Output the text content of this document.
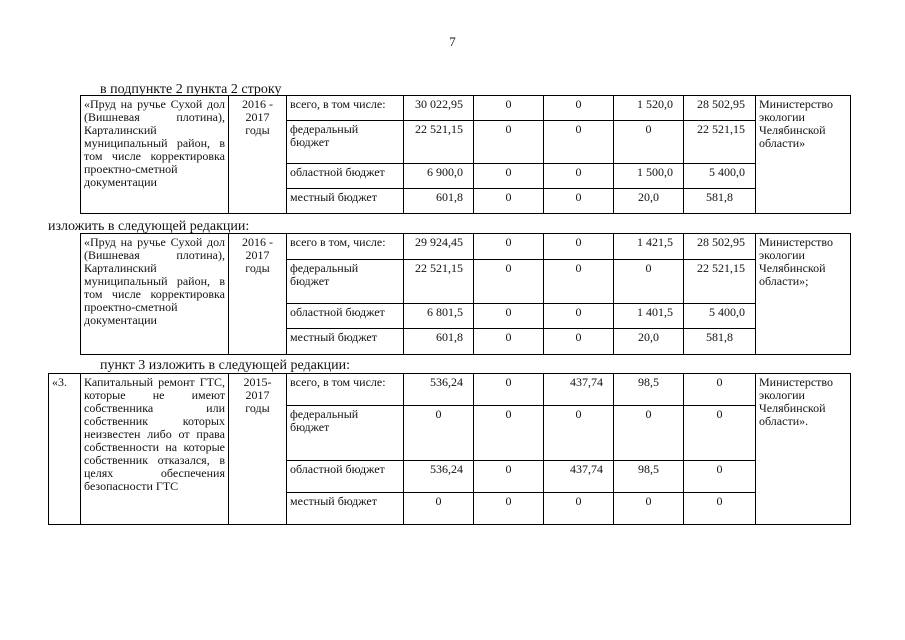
7
в подпункте 2 пункта 2 строку
«Пруд на ручье Сухой дол (Вишневая плотина), Карталинский муниципальный район, в том числе корректировка проектно-сметной документации	2016 - 2017 годы	всего, в том числе:	30 022,95	0	0	1 520,0	28 502,95	Министерство экологии Челябинской области»
		федеральный бюджет	22 521,15	0	0	0	22 521,15	
		областной бюджет	6 900,0	0	0	1 500,0	5 400,0	
		местный бюджет	601,8	0	0	20,0	581,8	
изложить в следующей редакции:
«Пруд на ручье Сухой дол (Вишневая плотина), Карталинский муниципальный район, в том числе корректировка проектно-сметной документации	2016 - 2017 годы	всего в том, числе:	29 924,45	0	0	1 421,5	28 502,95	Министерство экологии Челябинской области»;
		федеральный бюджет	22 521,15	0	0	0	22 521,15	
		областной бюджет	6 801,5	0	0	1 401,5	5 400,0	
		местный бюджет	601,8	0	0	20,0	581,8	
пункт 3 изложить в следующей редакции:
«3.	Капитальный ремонт ГТС, которые не имеют собственника или собственник которых неизвестен либо от права собственности на которые собственник отказался, в целях обеспечения безопасности ГТС	2015-2017 годы	всего, в том числе:	536,24	0	437,74	98,5	0	Министерство экологии Челябинской области».
			федеральный бюджет	0	0	0	0	0	
			областной бюджет	536,24	0	437,74	98,5	0	
			местный бюджет	0	0	0	0	0	
